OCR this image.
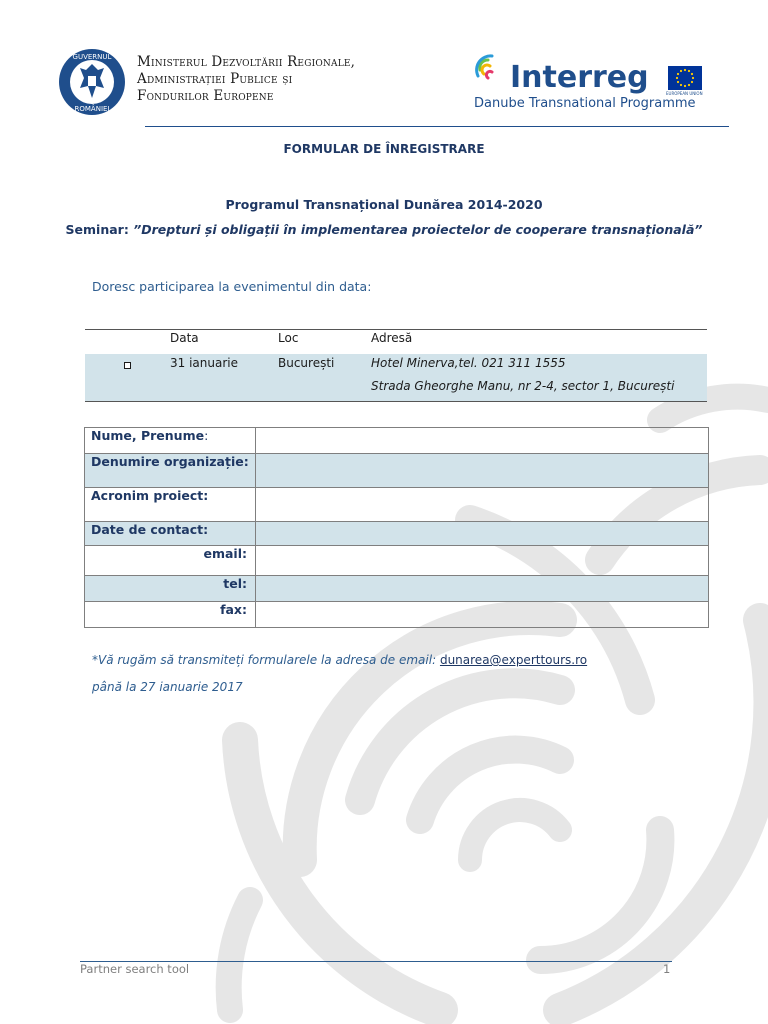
GUVERNUL
ROMÂNIEI
Ministerul Dezvoltării Regionale,
Administrației Publice și
Fondurilor Europene
Interreg	EUROPEAN UNION
Danube Transnational Programme
FORMULAR DE ÎNREGISTRARE
Programul Transnațional Dunărea 2014-2020
Seminar: ”Drepturi și obligații în implementarea proiectelor de cooperare transnațională”
Doresc participarea la evenimentul din data:
Data	Loc	Adresă
31 ianuarie	București	Hotel Minerva,tel. 021 311 1555
Strada Gheorghe Manu, nr 2-4, sector 1, București
Nume, Prenume:	
Denumire organizație:	
Acronim proiect:	
Date de contact:	
email:	
tel:	
fax:	
*Vă rugăm să transmiteți formularele la adresa de email: dunarea@experttours.ro
până la 27 ianuarie 2017
Partner search tool	1
